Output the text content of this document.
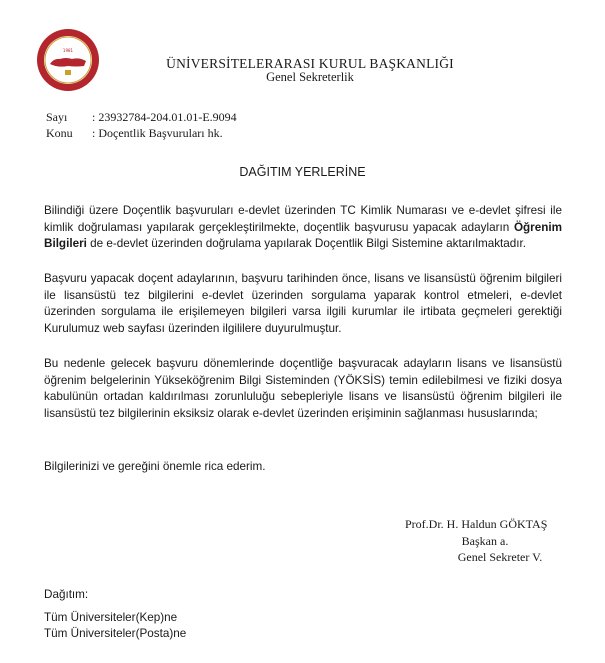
1981
ÜNİVERSİTELERARASI KURUL BAŞKANLIĞI
Genel Sekreterlik
Sayı : 23932784-204.01.01-E.9094
Konu : Doçentlik Başvuruları hk.
DAĞITIM YERLERİNE
Bilindiği üzere Doçentlik başvuruları e-devlet üzerinden TC Kimlik Numarası ve e-devlet şifresi ile kimlik doğrulaması yapılarak gerçekleştirilmekte, doçentlik başvurusu yapacak adayların Öğrenim Bilgileri de e-devlet üzerinden doğrulama yapılarak Doçentlik Bilgi Sistemine aktarılmaktadır.
Başvuru yapacak doçent adaylarının, başvuru tarihinden önce, lisans ve lisansüstü öğrenim bilgileri ile lisansüstü tez bilgilerini e-devlet üzerinden sorgulama yaparak kontrol etmeleri, e-devlet üzerinden sorgulama ile erişilemeyen bilgileri varsa ilgili kurumlar ile irtibata geçmeleri gerektiği Kurulumuz web sayfası üzerinden ilgililere duyurulmuştur.
Bu nedenle gelecek başvuru dönemlerinde doçentliğe başvuracak adayların lisans ve lisansüstü öğrenim belgelerinin Yükseköğrenim Bilgi Sisteminden (YÖKSİS) temin edilebilmesi ve fiziki dosya kabulünün ortadan kaldırılması zorunluluğu sebepleriyle lisans ve lisansüstü öğrenim bilgileri ile lisansüstü tez bilgilerinin eksiksiz olarak e-devlet üzerinden erişiminin sağlanması hususlarında;
Bilgilerinizi ve gereğini önemle rica ederim.
Prof.Dr. H. Haldun GÖKTAŞ
Başkan a.
Genel Sekreter V.
Dağıtım:
Tüm Üniversiteler(Kep)ne
Tüm Üniversiteler(Posta)ne
